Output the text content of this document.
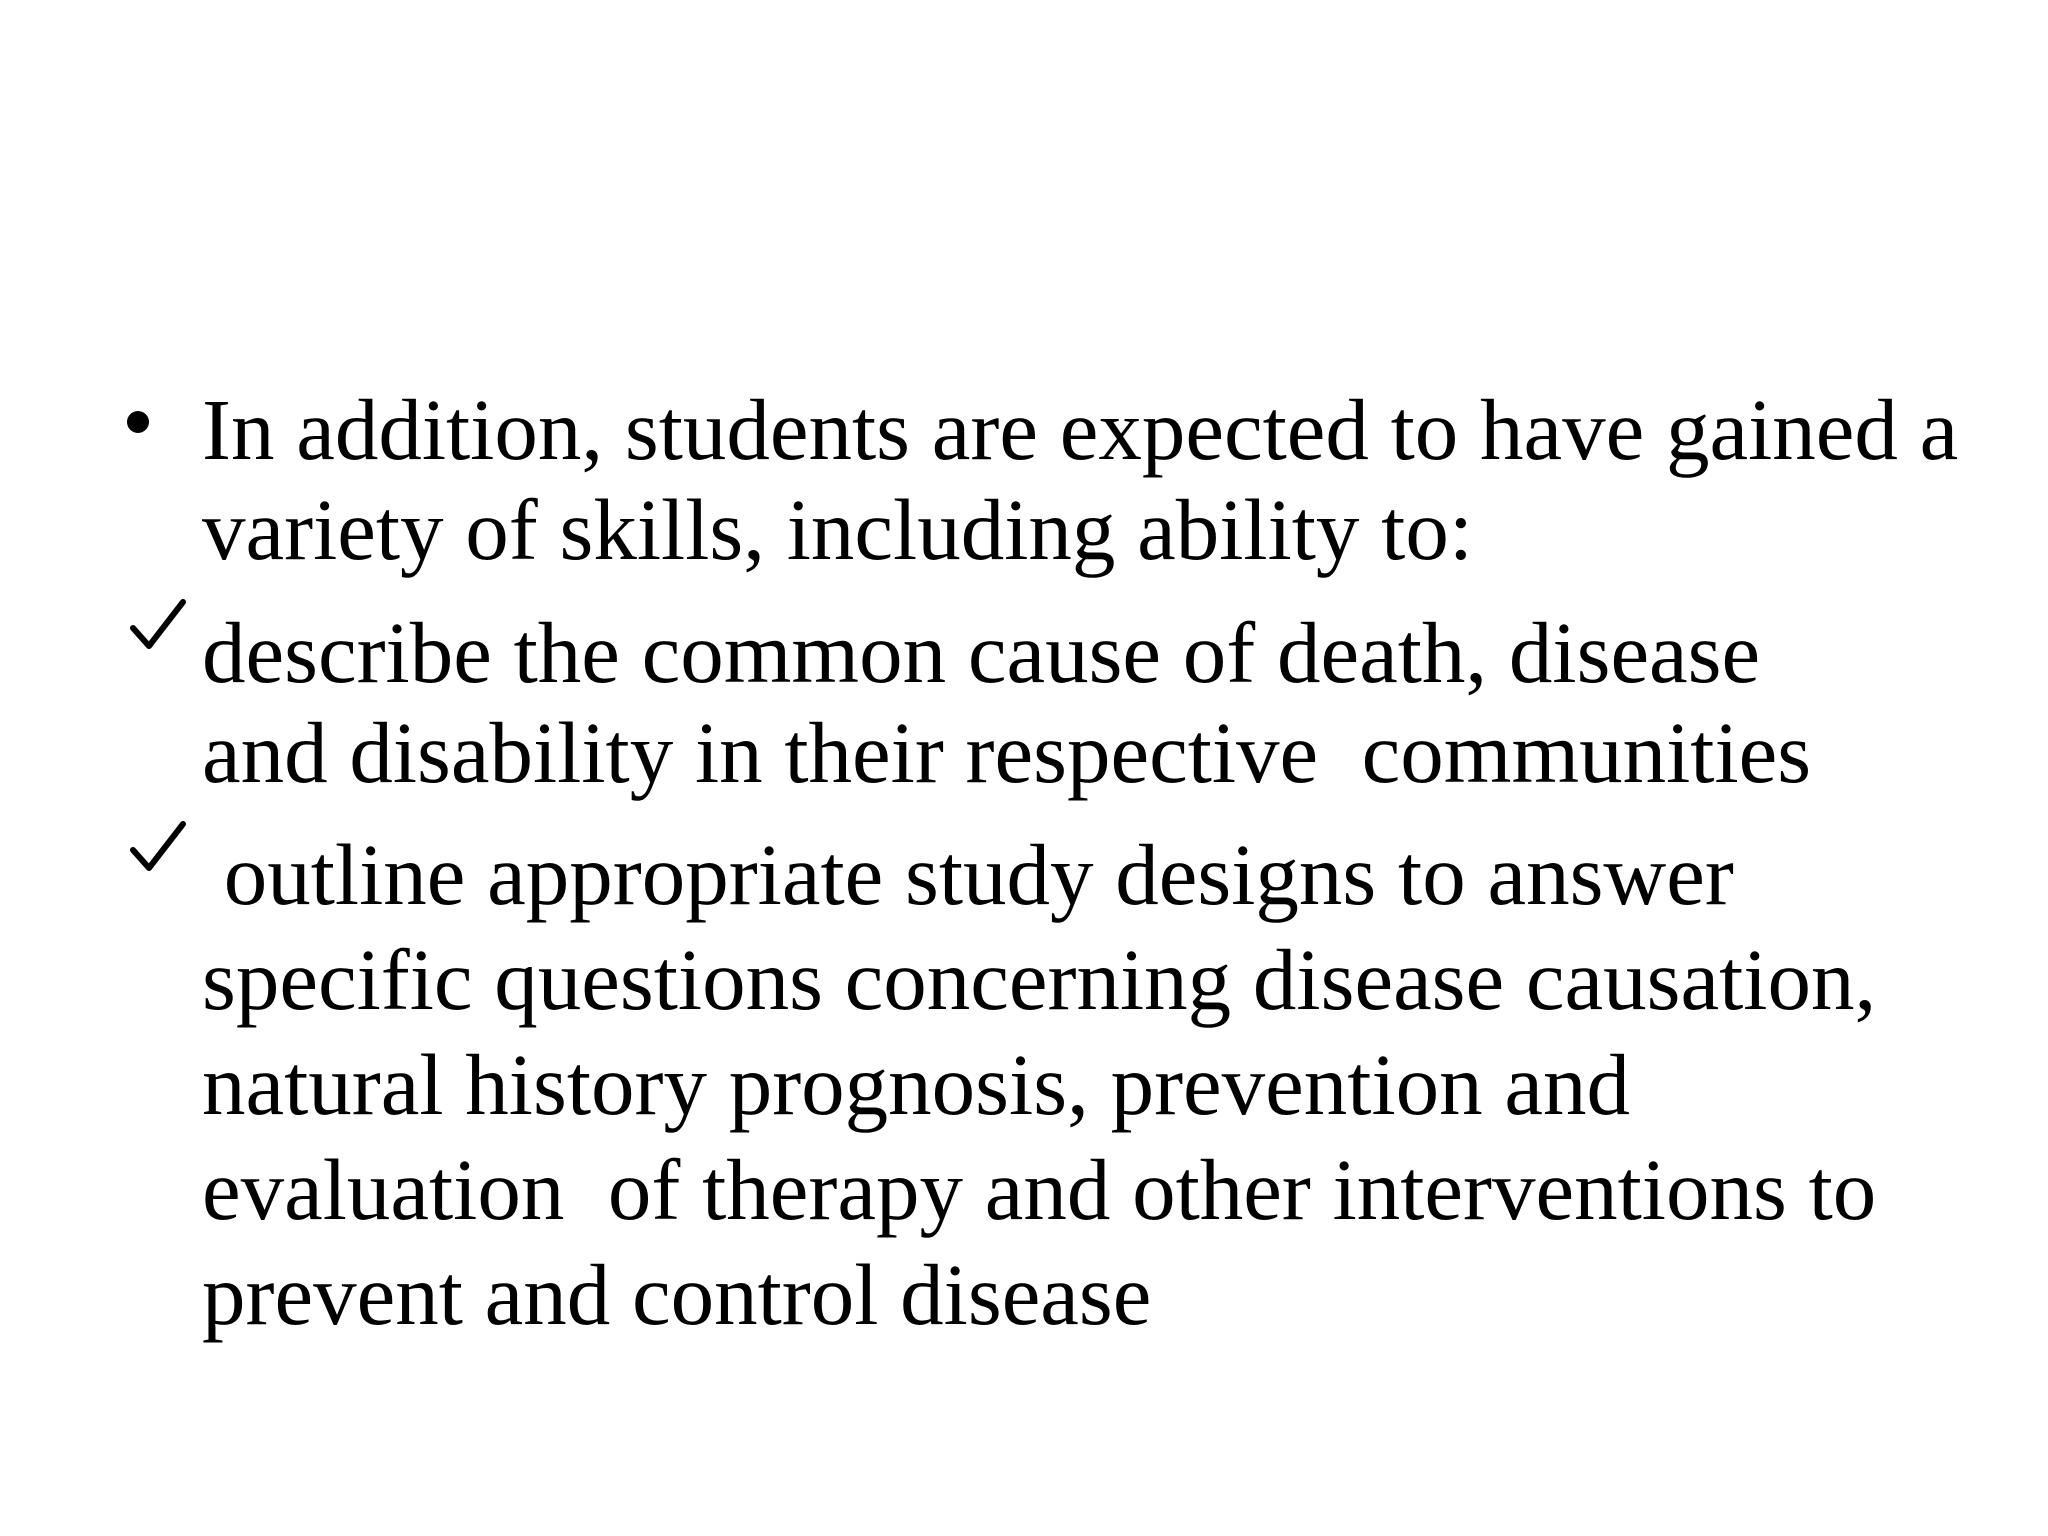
In addition, students are expected to have gained a
variety of skills, including ability to:
describe the common cause of death, disease
and disability in their respective  communities
outline appropriate study designs to answer
specific questions concerning disease causation,
natural history prognosis, prevention and
evaluation  of therapy and other interventions to
prevent and control disease
